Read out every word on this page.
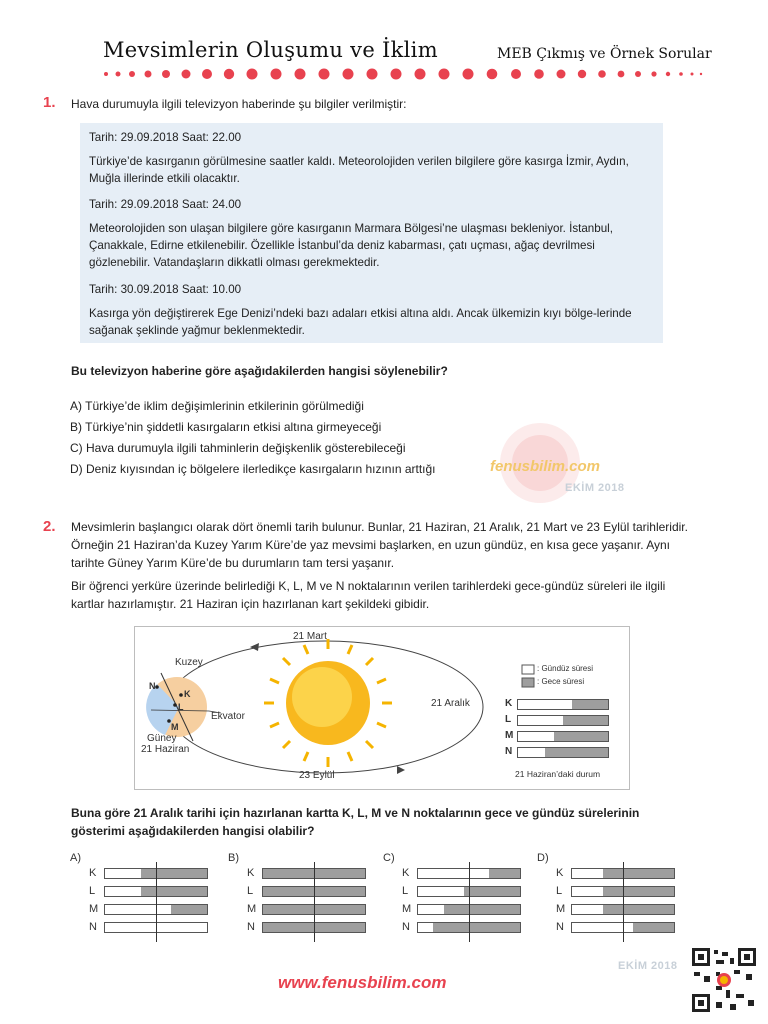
Mevsimlerin Oluşumu ve İklim	MEB Çıkmış ve Örnek Sorular
1. Hava durumuyla ilgili televizyon haberinde şu bilgiler verilmiştir:

Tarih: 29.09.2018 Saat: 22.00

Türkiye’de kasırganın görülmesine saatler kaldı. Meteorolojiden verilen bilgilere göre kasırga İzmir, Aydın, Muğla illerinde etkili olacaktır.

Tarih: 29.09.2018 Saat: 24.00

Meteorolojiden son ulaşan bilgilere göre kasırganın Marmara Bölgesi’ne ulaşması bekleniyor. İstanbul, Çanakkale, Edirne etkilenebilir. Özellikle İstanbul’da deniz kabarması, çatı uçması, ağaç devrilmesi gözlenebilir. Vatandaşların dikkatli olması gerekmektedir.

Tarih: 30.09.2018 Saat: 10.00

Kasırga yön değiştirerek Ege Denizi’ndeki bazı adaları etkisi altına aldı. Ancak ülkemizin kıyı bölge-lerinde sağanak şeklinde yağmur beklenmektedir.

Bu televizyon haberine göre aşağıdakilerden hangisi söylenebilir?
A) Türkiye’de iklim değişimlerinin etkilerinin görülmediği
B) Türkiye’nin şiddetli kasırgaların etkisi altına girmeyeceği
C) Hava durumuyla ilgili tahminlerin değişkenlik gösterebileceği
D) Deniz kıyısından iç bölgelere ilerledikçe kasırgaların hızının arttığı	fenusbilim.com
EKİM 2018
2. Mevsimlerin başlangıcı olarak dört önemli tarih bulunur. Bunlar, 21 Haziran, 21 Aralık, 21 Mart ve 23 Eylül tarihleridir. Örneğin 21 Haziran’da Kuzey Yarım Küre’de yaz mevsimi başlarken, en uzun gündüz, en kısa gece yaşanır. Aynı tarihte Güney Yarım Küre’de bu durumların tam tersi yaşanır.
Bir öğrenci yerküre üzerinde belirlediği K, L, M ve N noktalarının verilen tarihlerdeki gece-gündüz süreleri ile ilgili kartlar hazırlamıştır. 21 Haziran için hazırlanan kart şekildeki gibidir.
21 Mart
21 Aralık
23 Eylül
Kuzey
Ekvator
Güney
21 Haziran
N
K
L
M
: Gündüz süresi
: Gece süresi
K
L
M
N
21 Haziran’daki durum
Buna göre 21 Aralık tarihi için hazırlanan kartta K, L, M ve N noktalarının gece ve gündüz sürelerinin gösterimi aşağıdakilerden hangisi olabilir?
A)
K
L
M
N
B)
K
L
M
N
C)
K
L
M
N
D)
K
L
M
N
EKİM 2018
www.fenusbilim.com
